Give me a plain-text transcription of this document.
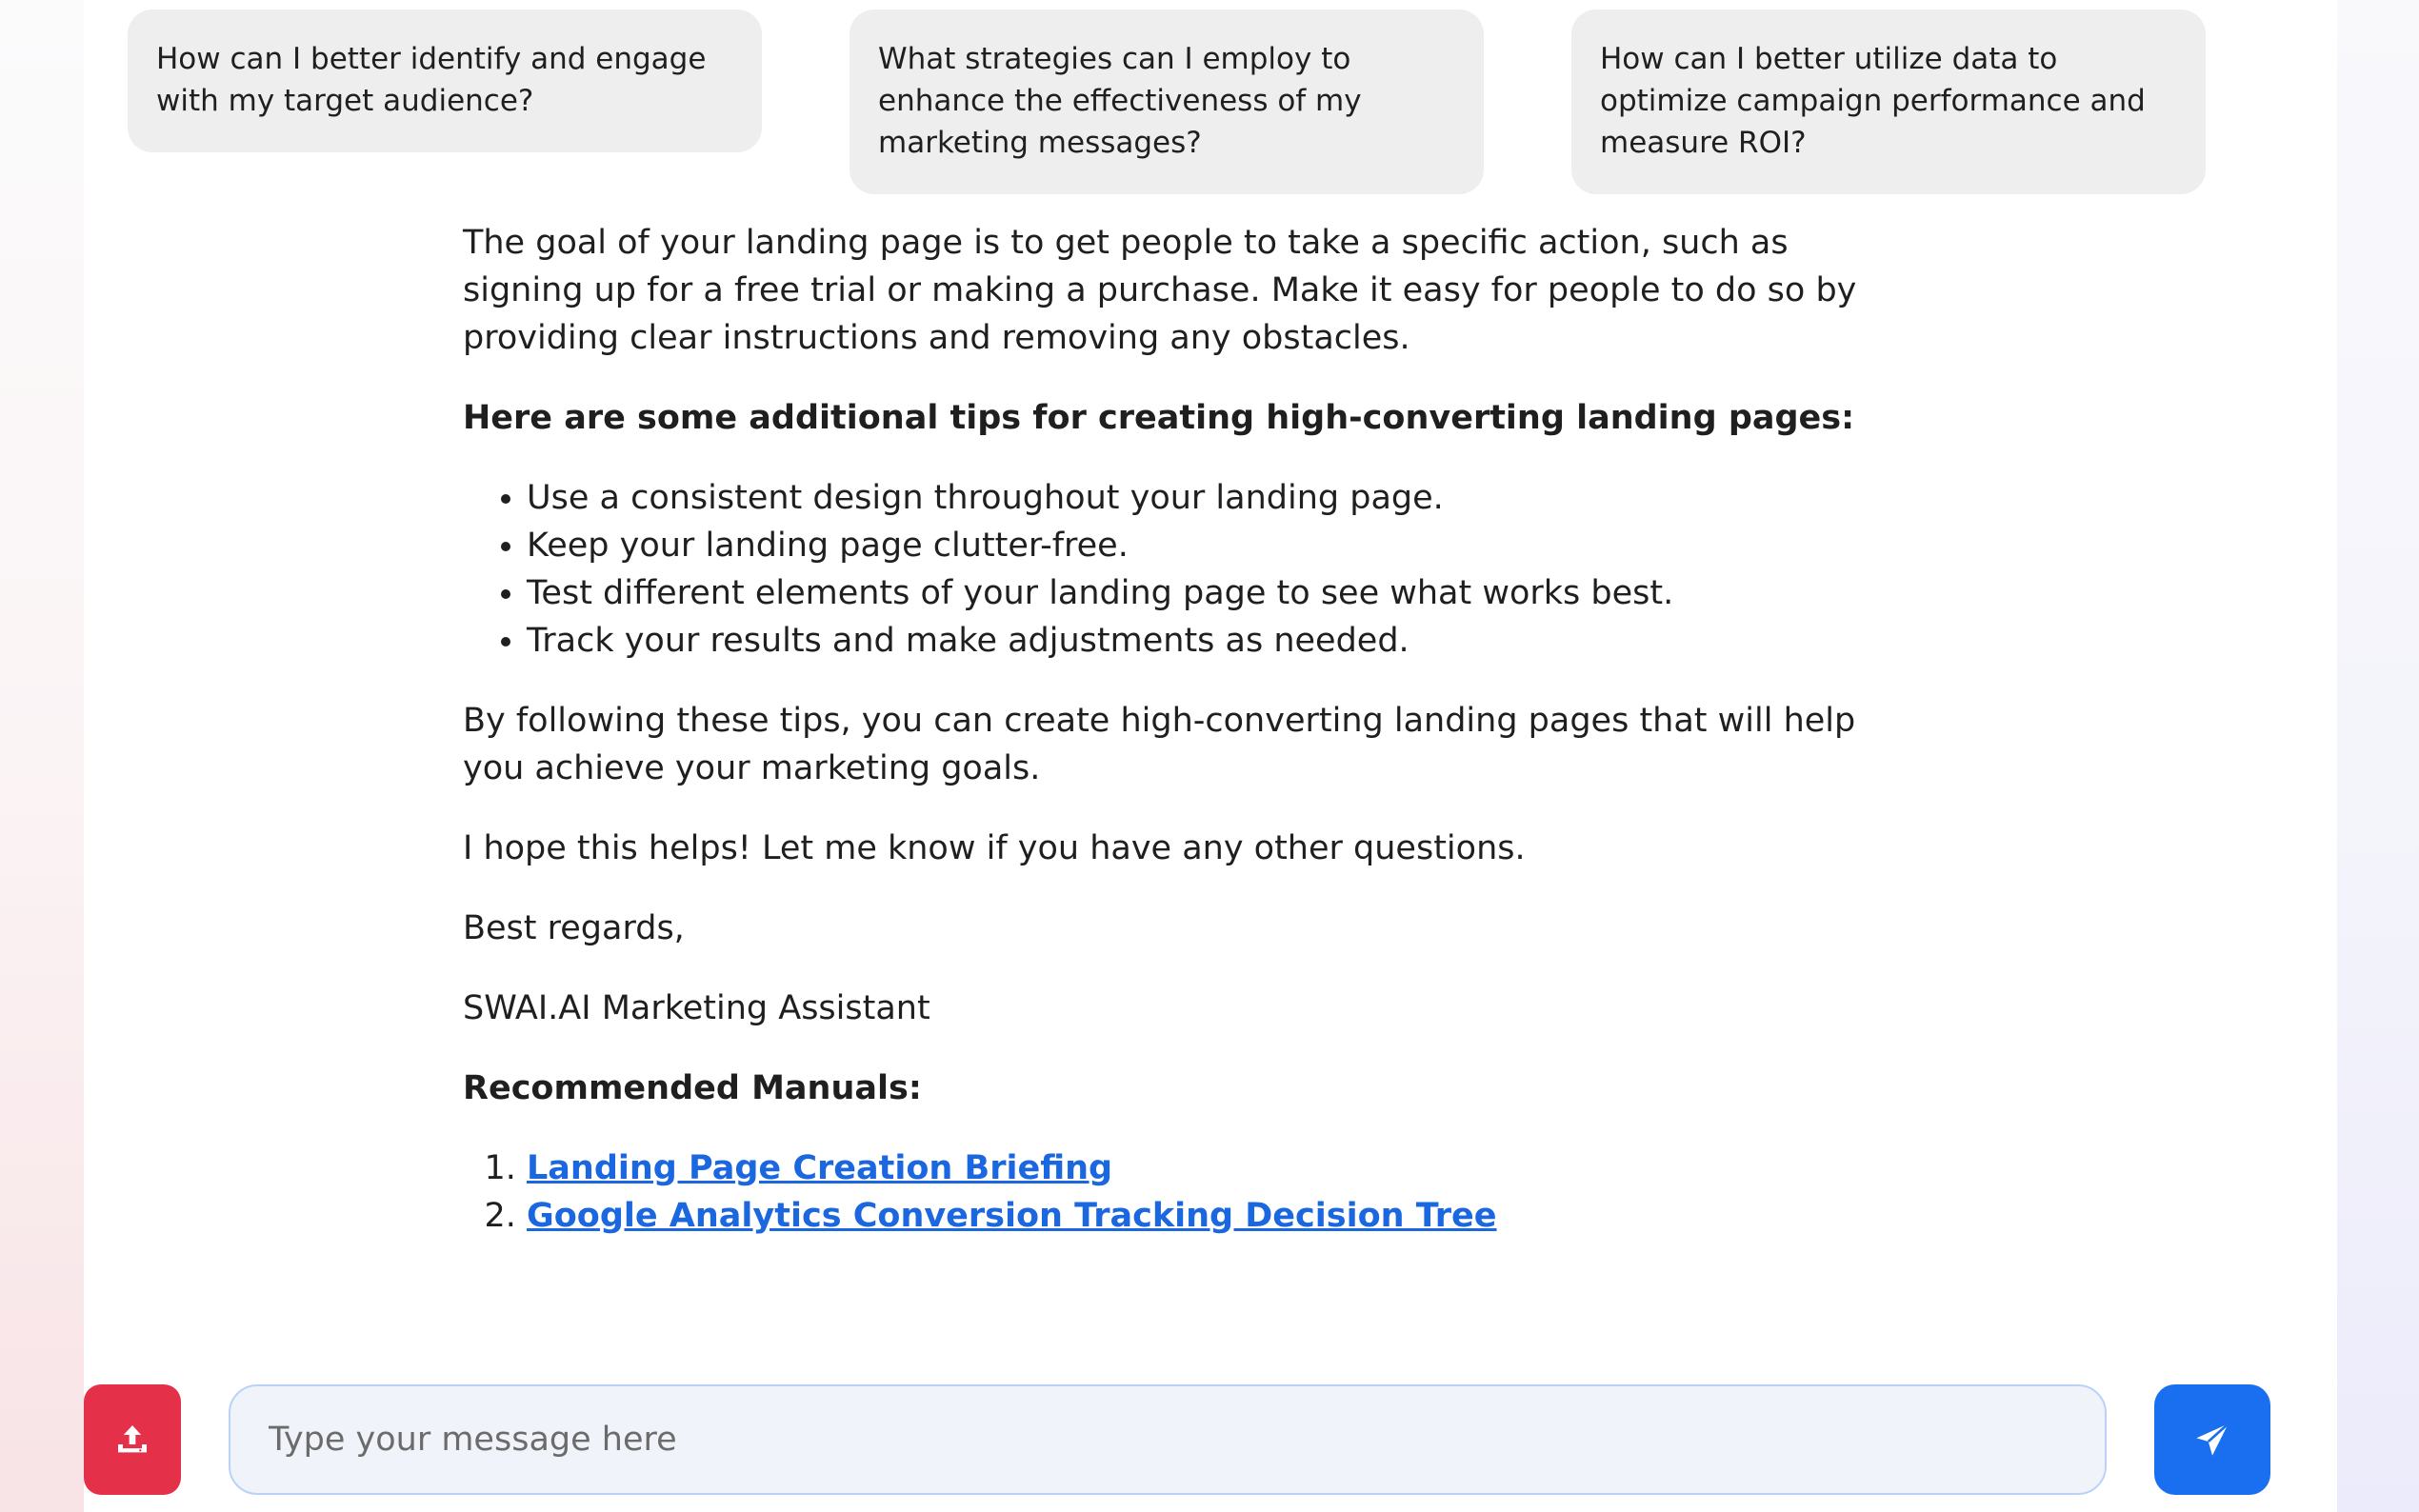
How can I better identify and engage with my target audience?
What strategies can I employ to enhance the effectiveness of my marketing messages?
How can I better utilize data to optimize campaign performance and measure ROI?

The goal of your landing page is to get people to take a specific action, such as signing up for a free trial or making a purchase. Make it easy for people to do so by providing clear instructions and removing any obstacles.

Here are some additional tips for creating high-converting landing pages:

• Use a consistent design throughout your landing page.
• Keep your landing page clutter-free.
• Test different elements of your landing page to see what works best.
• Track your results and make adjustments as needed.

By following these tips, you can create high-converting landing pages that will help you achieve your marketing goals.

I hope this helps! Let me know if you have any other questions.

Best regards,

SWAI.AI Marketing Assistant

Recommended Manuals:

1. Landing Page Creation Briefing
2. Google Analytics Conversion Tracking Decision Tree
Type your message here
